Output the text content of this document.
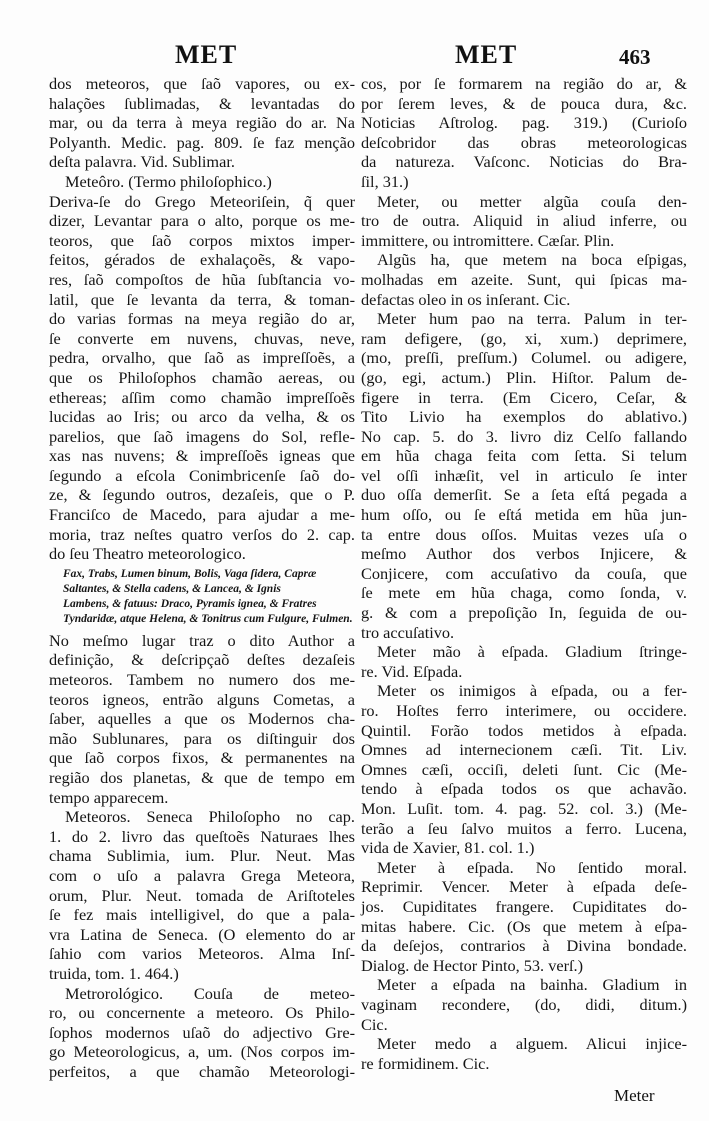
MET	MET	463
dos meteoros, que ſaõ vapores, ou ex-
halações ſublimadas, & levantadas do
mar, ou da terra à meya região do ar. Na
Polyanth. Medic. pag. 809. ſe faz menção
deſta palavra. Vid. Sublimar.
Meteôro. (Termo philoſophico.)
Deriva-ſe do Grego Meteoriſein, q̃ quer
dizer, Levantar para o alto, porque os me-
teoros, que ſaõ corpos mixtos imper-
feitos, gérados de exhalaçoẽs, & vapo-
res, ſaõ compoſtos de hũa ſubſtancia vo-
latil, que ſe levanta da terra, & toman-
do varias formas na meya região do ar,
ſe converte em nuvens, chuvas, neve,
pedra, orvalho, que ſaõ as impreſſoẽs, a
que os Philoſophos chamão aereas, ou
ethereas; aſſim como chamão impreſſoẽs
lucidas ao Iris; ou arco da velha, & os
parelios, que ſaõ imagens do Sol, refle-
xas nas nuvens; & impreſſoẽs igneas que
ſegundo a eſcola Conimbricenſe ſaõ do-
ze, & ſegundo outros, dezaſeis, que o P.
Franciſco de Macedo, para ajudar a me-
moria, traz neſtes quatro verſos do 2. cap.
do ſeu Theatro meteorologico.
Fax, Trabs, Lumen binum, Bolis, Vaga ſidera, Capræ
Saltantes, & Stella cadens, & Lancea, & Ignis
Lambens, & fatuus: Draco, Pyramis ignea, & Fratres
Tyndaridæ, atque Helena, & Tonitrus cum Fulgure, Fulmen.
No meſmo lugar traz o dito Author a
definição, & deſcripçaõ deſtes dezaſeis
meteoros. Tambem no numero dos me-
teoros igneos, entrão alguns Cometas, a
ſaber, aquelles a que os Modernos cha-
mão Sublunares, para os diſtinguir dos
que ſaõ corpos fixos, & permanentes na
região dos planetas, & que de tempo em
tempo apparecem.
Meteoros. Seneca Philoſopho no cap.
1. do 2. livro das queſtoẽs Naturaes lhes
chama Sublimia, ium. Plur. Neut. Mas
com o uſo a palavra Grega Meteora,
orum, Plur. Neut. tomada de Ariſtoteles
ſe fez mais intelligivel, do que a pala-
vra Latina de Seneca. (O elemento do ar
ſahio com varios Meteoros. Alma Inſ-
truida, tom. 1. 464.)
Metrorológico. Couſa de meteo-
ro, ou concernente a meteoro. Os Philo-
ſophos modernos uſaõ do adjectivo Gre-
go Meteorologicus, a, um. (Nos corpos im-
perfeitos, a que chamão Meteorologi-
cos, por ſe formarem na região do ar, &
por ſerem leves, & de pouca dura, &c.
Noticias Aſtrolog. pag. 319.) (Curioſo
deſcobridor das obras meteorologicas
da natureza. Vaſconc. Noticias do Bra-
ſil, 31.)
Meter, ou metter algũa couſa den-
tro de outra. Aliquid in aliud inferre, ou
immittere, ou intromittere. Cæſar. Plin.
Algũs ha, que metem na boca eſpigas,
molhadas em azeite. Sunt, qui ſpicas ma-
defactas oleo in os inſerant. Cic.
Meter hum pao na terra. Palum in ter-
ram defigere, (go, xi, xum.) deprimere,
(mo, preſſi, preſſum.) Columel. ou adigere,
(go, egi, actum.) Plin. Hiſtor. Palum de-
figere in terra. (Em Cicero, Ceſar, &
Tito Livio ha exemplos do ablativo.)
No cap. 5. do 3. livro diz Celſo fallando
em hũa chaga feita com ſetta. Si telum
vel oſſi inhæſit, vel in articulo ſe inter
duo oſſa demerſit. Se a ſeta eſtá pegada a
hum oſſo, ou ſe eſtá metida em hũa jun-
ta entre dous oſſos. Muitas vezes uſa o
meſmo Author dos verbos Injicere, &
Conjicere, com accuſativo da couſa, que
ſe mete em hũa chaga, como ſonda, v.
g. & com a prepoſição In, ſeguida de ou-
tro accuſativo.
Meter mão à eſpada. Gladium ſtringe-
re. Vid. Eſpada.
Meter os inimigos à eſpada, ou a fer-
ro. Hoſtes ferro interimere, ou occidere.
Quintil. Forão todos metidos à eſpada.
Omnes ad internecionem cæſi. Tit. Liv.
Omnes cæſi, occiſi, deleti ſunt. Cic (Me-
tendo à eſpada todos os que achavão.
Mon. Luſit. tom. 4. pag. 52. col. 3.) (Me-
terão a ſeu ſalvo muitos a ferro. Lucena,
vida de Xavier, 81. col. 1.)
Meter à eſpada. No ſentido moral.
Reprimir. Vencer. Meter à eſpada deſe-
jos. Cupiditates frangere. Cupiditates do-
mitas habere. Cic. (Os que metem à eſpa-
da deſejos, contrarios à Divina bondade.
Dialog. de Hector Pinto, 53. verſ.)
Meter a eſpada na bainha. Gladium in
vaginam recondere, (do, didi, ditum.)
Cic.
Meter medo a alguem. Alicui injice-
re formidinem. Cic.
Meter
